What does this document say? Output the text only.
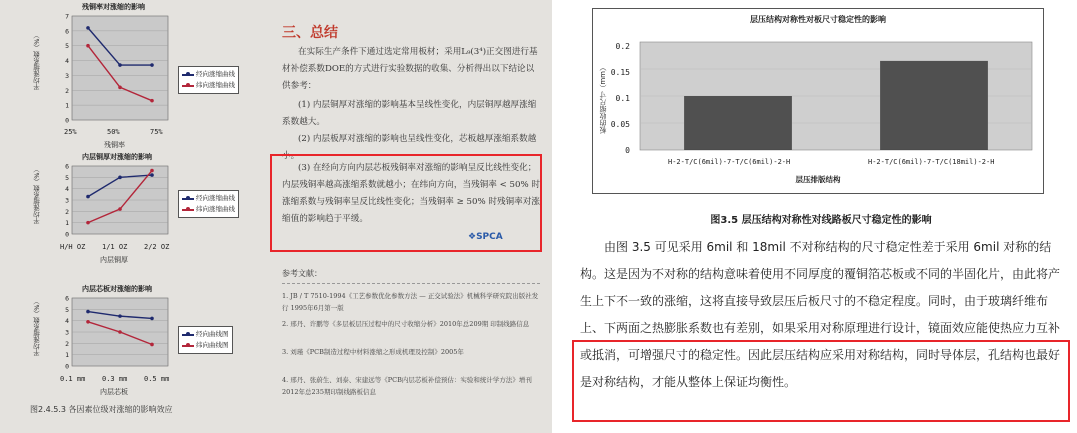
残铜率对涨缩的影响
0
1
2
3
4
5
6
7
经向涨缩曲线
纬向涨缩曲线
平均涨缩系数（%）
25%	50%	75%
残铜率
内层铜厚对涨缩的影响
0
1
2
3
4
5
6
经向涨缩曲线
纬向涨缩曲线
平均涨缩系数（%）
H/H OZ 1/1 OZ 2/2 OZ
内层铜厚
内层芯板对涨缩的影响
0
1
2
3
4
5
6
经向曲线图
纬向曲线图
平均涨缩系数（%）
0.1 mm 0.3 mm 0.5 mm
内层芯板
图2.4.5.3 各因素位级对涨缩的影响效应
三、总结
在实际生产条件下通过选定常用板材；采用L₉(3⁴)正交图进行基材补偿系数DOE的方式进行实验数据的收集、分析得出以下结论以供参考：
(1) 内层铜厚对涨缩的影响基本呈线性变化，内层铜厚越厚涨缩系数越大。
(2) 内层板厚对涨缩的影响也呈线性变化，芯板越厚涨缩系数越小。
(3) 在经向方向内层芯板残铜率对涨缩的影响呈反比线性变化；内层残铜率越高涨缩系数就越小；在纬向方向，当残铜率 < 50% 时涨缩系数与残铜率呈反比线性变化；当残铜率 ≥ 50% 时残铜率对涨缩值的影响趋于平缓。
❖SPCA
参考文献：
1. JB / T 7510-1994《工艺参数优化参数方法 — 正交试验法》机械科学研究院出版社发行 1995年6月第一版
2. 邢丹、许鹏等《多层板层压过程中的尺寸收缩分析》2010年总209期 印制线路信息
3. 刘瑾《PCB制造过程中材料涨缩之形成机理及控制》2005年
4. 邢丹、张蔚生、刘泰、宋建远等《PCB内层芯板补偿预估：实验和统计学方法》增刊2012年总235期印制线路板信息
层压结构对称性对板尺寸稳定性的影响
板的收缩尺寸（mm）
0.2
0.15
0.1
0.05
0
H-2-T/C(6mil)-7-T/C(6mil)-2-H	H-2-T/C(6mil)-7-T/C(18mil)-2-H
层压排版结构
图3.5 层压结构对称性对线路板尺寸稳定性的影响
由图 3.5 可见采用 6mil 和 18mil 不对称结构的尺寸稳定性差于采用 6mil 对称的结构。这是因为不对称的结构意味着使用不同厚度的覆铜箔芯板或不同的半固化片，由此将产生上下不一致的涨缩，这将直接导致层压后板尺寸的不稳定程度。同时，由于玻璃纤维布上、下两面之热膨胀系数也有差别，如果采用对称原理进行设计，镜面效应能使热应力互补或抵消，可增强尺寸的稳定性。因此层压结构应采用对称结构，同时导体层，孔结构也最好是对称结构，才能从整体上保证均衡性。
